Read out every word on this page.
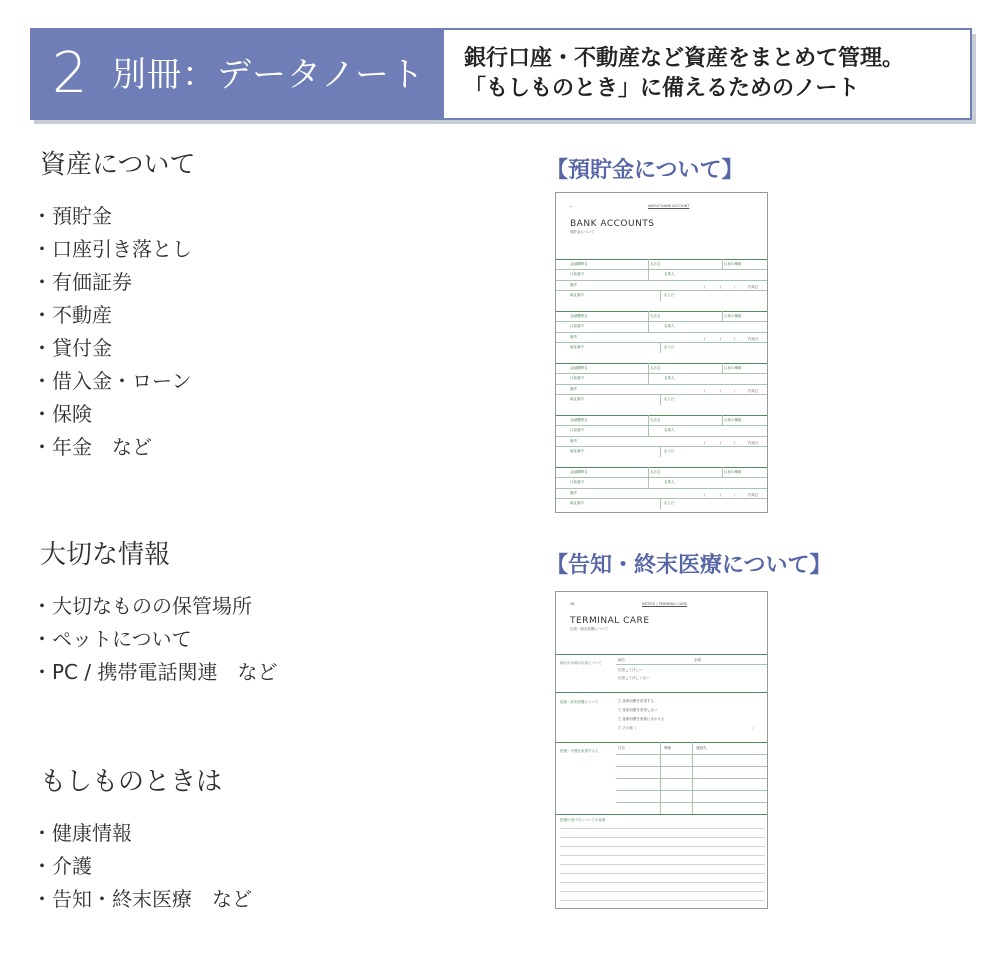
2 別冊：データノート 銀行口座・不動産など資産をまとめて管理。
「もしものとき」に備えるためのノート
資産について
・ 預貯金
・ 口座引き落とし
・ 有価証券
・ 不動産
・ 貸付金
・ 借入金・ローン
・ 保険
・ 年金　など
大切な情報
・ 大切なものの保管場所
・ ペットについて
・ PC / 携帯電話関連　など
もしものときは
・ 健康情報
・ 介護
・ 告知・終末医療　など
【預貯金について】
•	ABOUT BANK ACCOUNT
BANK ACCOUNTS
預貯金について
金融機関名	支店名	口座の種類
口座番号	名義人
備考	/	/	/	作成日
暗証番号	記入日
金融機関名	支店名	口座の種類
口座番号	名義人
備考	/	/	/	作成日
暗証番号	記入日
金融機関名	支店名	口座の種類
口座番号	名義人
備考	/	/	/	作成日
暗証番号	記入日
金融機関名	支店名	口座の種類
口座番号	名義人
備考	/	/	/	作成日
暗証番号	記入日
金融機関名	支店名	口座の種類
口座番号	名義人
備考	/	/	/	作成日
暗証番号	記入日
【告知・終末医療について】
28	NOTICE / TERMINAL CARE
TERMINAL CARE
告知・終末医療について
病名や余命の告知について
病名	余命
告知してほしい
告知してほしくない
延命・終末医療について	□ 延命治療を希望する
□ 延命治療を希望しない
□ 延命治療を家族にまかせる
□ その他（	）
医療・介護を希望する人
氏名	関係	連絡先
医療の受け方についての希望
